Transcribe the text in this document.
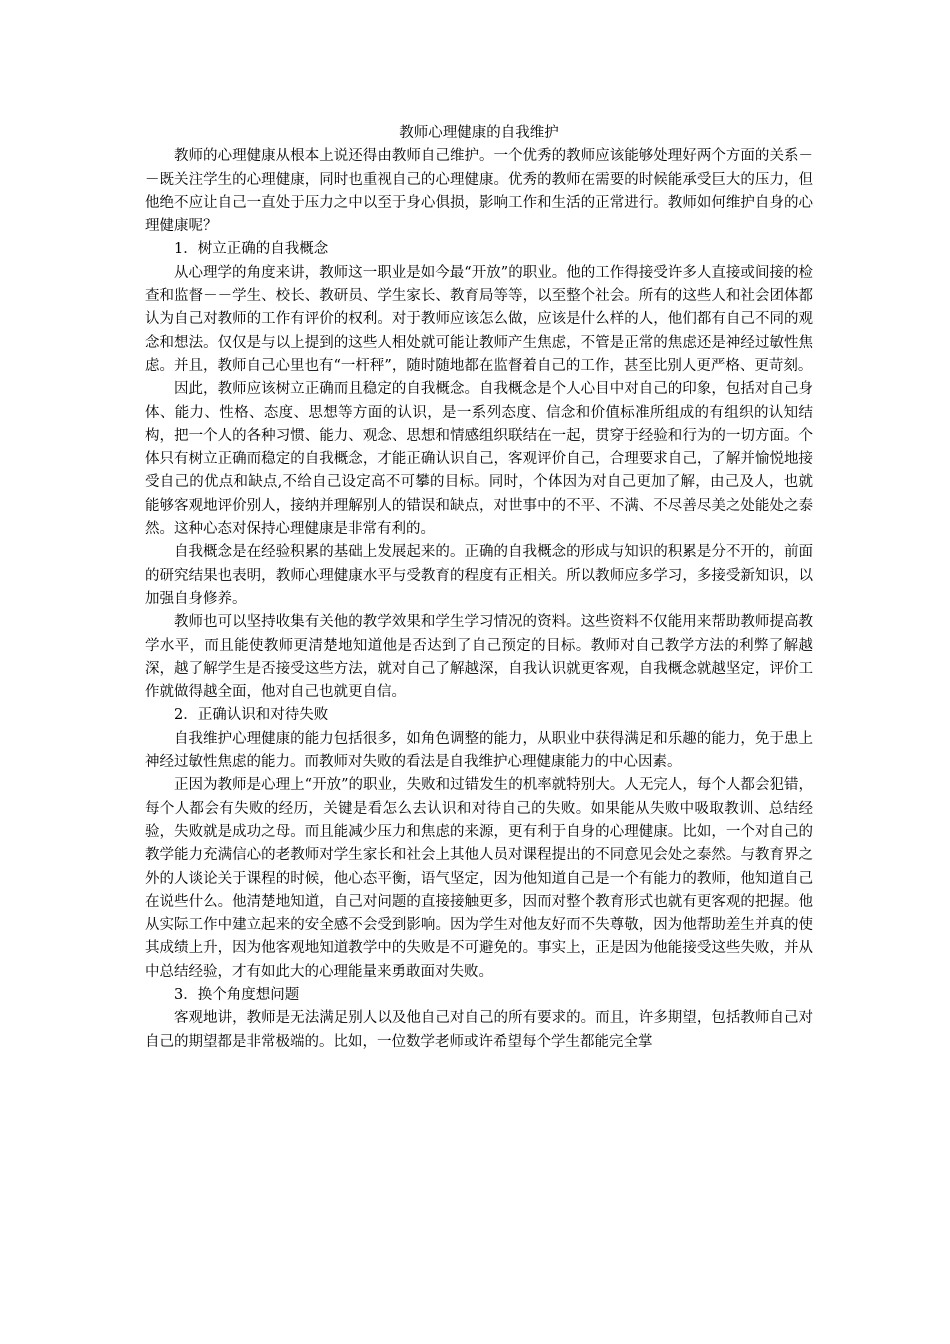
教师心理健康的自我维护

教师的心理健康从根本上说还得由教师自己维护。一个优秀的教师应该能够处理好两个方面的关系－－既关注学生的心理健康，同时也重视自己的心理健康。优秀的教师在需要的时候能承受巨大的压力，但他绝不应让自己一直处于压力之中以至于身心俱损，影响工作和生活的正常进行。教师如何维护自身的心理健康呢？

1．树立正确的自我概念

从心理学的角度来讲，教师这一职业是如今最“开放”的职业。他的工作得接受许多人直接或间接的检查和监督－－学生、校长、教研员、学生家长、教育局等等，以至整个社会。所有的这些人和社会团体都认为自己对教师的工作有评价的权利。对于教师应该怎么做，应该是什么样的人，他们都有自己不同的观念和想法。仅仅是与以上提到的这些人相处就可能让教师产生焦虑，不管是正常的焦虑还是神经过敏性焦虑。并且，教师自己心里也有“一杆秤”，随时随地都在监督着自己的工作，甚至比别人更严格、更苛刻。

因此，教师应该树立正确而且稳定的自我概念。自我概念是个人心目中对自己的印象，包括对自己身体、能力、性格、态度、思想等方面的认识，是一系列态度、信念和价值标准所组成的有组织的认知结构，把一个人的各种习惯、能力、观念、思想和情感组织联结在一起，贯穿于经验和行为的一切方面。个体只有树立正确而稳定的自我概念，才能正确认识自己，客观评价自己，合理要求自己，了解并愉悦地接受自己的优点和缺点,不给自己设定高不可攀的目标。同时，个体因为对自己更加了解，由己及人，也就能够客观地评价别人，接纳并理解别人的错误和缺点，对世事中的不平、不满、不尽善尽美之处能处之泰然。这种心态对保持心理健康是非常有利的。

自我概念是在经验积累的基础上发展起来的。正确的自我概念的形成与知识的积累是分不开的，前面的研究结果也表明，教师心理健康水平与受教育的程度有正相关。所以教师应多学习，多接受新知识，以加强自身修养。

教师也可以坚持收集有关他的教学效果和学生学习情况的资料。这些资料不仅能用来帮助教师提高教学水平，而且能使教师更清楚地知道他是否达到了自己预定的目标。教师对自己教学方法的利弊了解越深，越了解学生是否接受这些方法，就对自己了解越深，自我认识就更客观，自我概念就越坚定，评价工作就做得越全面，他对自己也就更自信。

2．正确认识和对待失败

自我维护心理健康的能力包括很多，如角色调整的能力，从职业中获得满足和乐趣的能力，免于患上神经过敏性焦虑的能力。而教师对失败的看法是自我维护心理健康能力的中心因素。

正因为教师是心理上“开放”的职业，失败和过错发生的机率就特别大。人无完人，每个人都会犯错，每个人都会有失败的经历，关键是看怎么去认识和对待自己的失败。如果能从失败中吸取教训、总结经验，失败就是成功之母。而且能减少压力和焦虑的来源，更有利于自身的心理健康。比如，一个对自己的教学能力充满信心的老教师对学生家长和社会上其他人员对课程提出的不同意见会处之泰然。与教育界之外的人谈论关于课程的时候，他心态平衡，语气坚定，因为他知道自己是一个有能力的教师，他知道自己在说些什么。他清楚地知道，自己对问题的直接接触更多，因而对整个教育形式也就有更客观的把握。他从实际工作中建立起来的安全感不会受到影响。因为学生对他友好而不失尊敬，因为他帮助差生并真的使其成绩上升，因为他客观地知道教学中的失败是不可避免的。事实上，正是因为他能接受这些失败，并从中总结经验，才有如此大的心理能量来勇敢面对失败。

3．换个角度想问题

客观地讲，教师是无法满足别人以及他自己对自己的所有要求的。而且，许多期望，包括教师自己对自己的期望都是非常极端的。比如，一位数学老师或许希望每个学生都能完全掌
